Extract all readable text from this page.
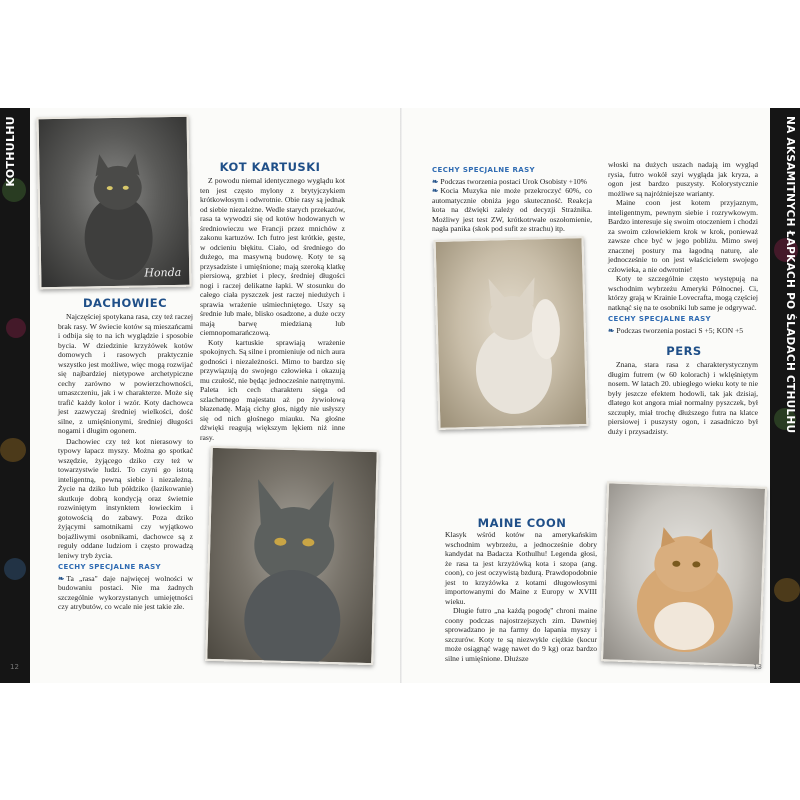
KOTHULHU	NA AKSAMITNYCH ŁAPKACH PO ŚLADACH CTHULHU
Honda
DACHOWIEC

Najczęściej spotykana rasa, czy też raczej brak rasy. W świecie kotów są mieszańcami i odbija się to na ich wyglądzie i sposobie bycia. W dziedzinie krzyżówek kotów domowych i rasowych praktycznie wszystko jest możliwe, więc mogą rozwijać się najbardziej nietypowe archetypiczne cechy zarówno w powierzchowności, umaszczeniu, jak i w charakterze. Może się trafić każdy kolor i wzór. Koty dachowca jest zazwyczaj średniej wielkości, dość silne, z umięśnionymi, średniej długości nogami i długim ogonem.

Dachowiec czy też kot nierasowy to typowy łapacz myszy. Można go spotkać wszędzie, żyjącego dziko czy też w towarzystwie ludzi. To czyni go istotą inteligentną, pewną siebie i niezależną. Życie na dziko lub półdziko (łazikowanie) skutkuje dobrą kondycją oraz świetnie rozwiniętym instynktem łowieckim i gotowością do zabawy. Poza dziko żyjącymi samotnikami czy wyjątkowo bojaźliwymi osobnikami, dachowce są z reguły oddane ludziom i często prowadzą leniwy tryb życia.

CECHY SPECJALNE RASY

❧ Ta „rasa" daje najwięcej wolności w budowaniu postaci. Nie ma żadnych szczególnie wykorzystanych umiejętności czy atrybutów, co wcale nie jest takie złe.

KOT KARTUSKI

Z powodu niemal identycznego wyglądu kot ten jest często mylony z brytyjczykiem krótkowłosym i odwrotnie. Obie rasy są jednak od siebie niezależne. Wedle starych przekazów, rasa ta wywodzi się od kotów hodowanych w średniowieczu we Francji przez mnichów z zakonu kartuzów. Ich futro jest krótkie, gęste, w odcieniu błękitu. Ciało, od średniego do dużego, ma masywną budowę. Koty te są przysadziste i umięśnione; mają szeroką klatkę piersiową, grzbiet i plecy, średniej długości nogi i raczej delikatne łapki. W stosunku do całego ciała pyszczek jest raczej niedużych i sprawia wrażenie uśmiechniętego. Uszy są średnie lub małe, blisko osadzone, a duże oczy mają barwę miedzianą lub ciemnopomarańczową.

Koty kartuskie sprawiają wrażenie spokojnych. Są silne i promieniuje od nich aura godności i niezależności. Mimo to bardzo się przywiązują do swojego człowieka i okazują mu czułość, nie będąc jednocześnie natrętnymi. Paleta ich cech charakteru sięga od szlachetnego majestatu aż po żywiołową błazenadę. Mają cichy głos, nigdy nie usłyszy się od nich głośnego miauku. Na głośne dźwięki reagują większym lękiem niż inne rasy.

CECHY SPECJALNE RASY

❧ Podczas tworzenia postaci Urok Osobisty +10%

❧ Kocia Muzyka nie może przekroczyć 60%, co automatycznie obniża jego skuteczność. Reakcja kota na dźwięki zależy od decyzji Strażnika. Możliwy jest test ZW, krótkotrwałe oszołomienie, nagła panika (skok pod sufit ze strachu) itp.

MAINE COON

Klasyk wśród kotów na amerykańskim wschodnim wybrzeżu, a jednocześnie dobry kandydat na Badacza Kothulhu! Legenda głosi, że rasa ta jest krzyżówką kota i szopa (ang. coon), co jest oczywistą bzdurą. Prawdopodobnie jest to krzyżówka z kotami długowłosymi importowanymi do Maine z Europy w XVIII wieku.

Długie futro „na każdą pogodę" chroni maine coony podczas najostrzejszych zim. Dawniej sprowadzano je na farmy do łapania myszy i szczurów. Koty te są niezwykle ciężkie (kocur może osiągnąć wagę nawet do 9 kg) oraz bardzo silne i umięśnione. Dłuższe

włoski na dużych uszach nadają im wygląd rysia, futro wokół szyi wygląda jak kryza, a ogon jest bardzo puszysty. Kolorystycznie możliwe są najróżniejsze warianty.

Maine coon jest kotem przyjaznym, inteligentnym, pewnym siebie i rozrywkowym. Bardzo interesuje się swoim otoczeniem i chodzi za swoim człowiekiem krok w krok, ponieważ zawsze chce być w jego pobliżu. Mimo swej znacznej postury ma łagodną naturę, ale jednocześnie to on jest właścicielem swojego człowieka, a nie odwrotnie!

Koty te szczególnie często występują na wschodnim wybrzeżu Ameryki Północnej. Ci, którzy grają w Krainie Lovecrafta, mogą częściej natknąć się na te osobniki lub same je odgrywać.

CECHY SPECJALNE RASY

❧ Podczas tworzenia postaci S +5; KON +5

PERS

Znana, stara rasa z charakterystycznym długim futrem (w 60 kolorach) i wklęśniętym nosem. W latach 20. ubiegłego wieku koty te nie były jeszcze efektem hodowli, tak jak dzisiaj, dlatego kot angora miał normalny pyszczek, był szczupły, miał trochę dłuższego futra na klatce piersiowej i puszysty ogon, i zasadniczo był duży i przysadzisty.

12	13
